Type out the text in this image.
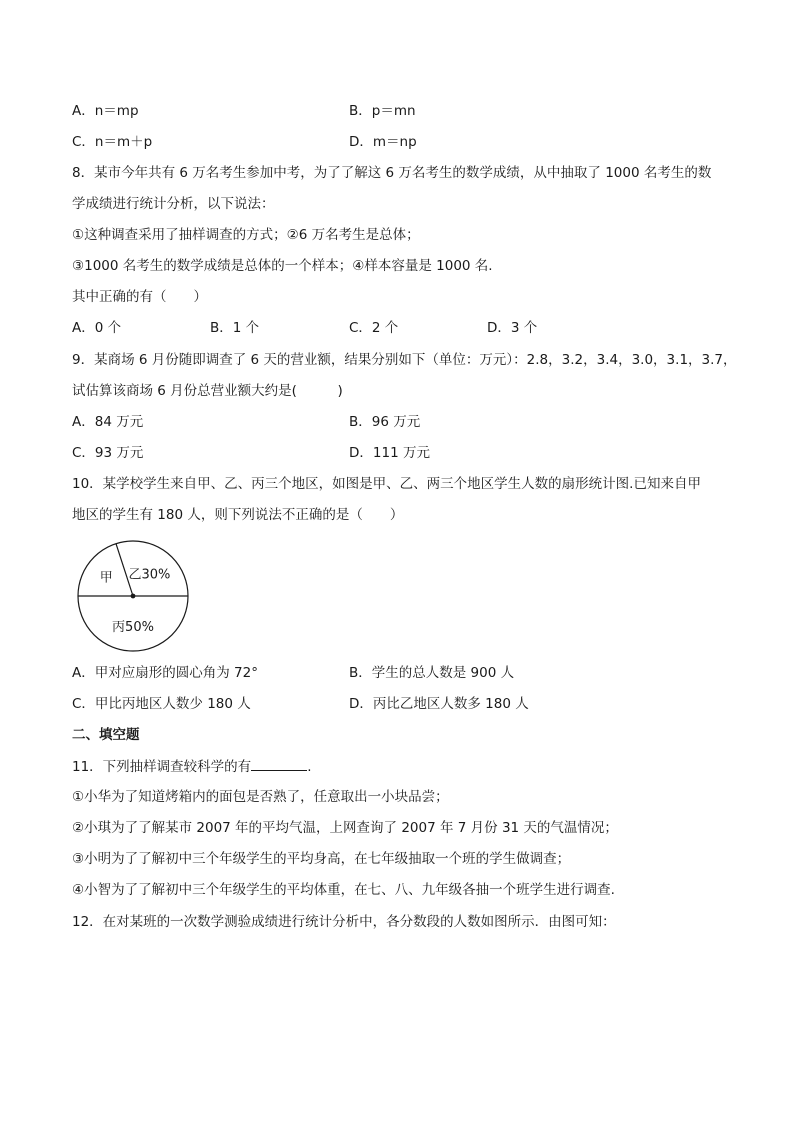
A．n＝mp	B．p＝mn
C．n＝m＋p	D．m＝np
8．某市今年共有 6 万名考生参加中考，为了了解这 6 万名考生的数学成绩，从中抽取了 1000 名考生的数
学成绩进行统计分析，以下说法：
①这种调查采用了抽样调查的方式；②6 万名考生是总体；
③1000 名考生的数学成绩是总体的一个样本；④样本容量是 1000 名.
其中正确的有（　　）
A．0 个	B．1 个	C．2 个	D．3 个
9．某商场 6 月份随即调查了 6 天的营业额，结果分别如下（单位：万元）：2.8，3.2，3.4，3.0，3.1，3.7，
试估算该商场 6 月份总营业额大约是(　　　)
A．84 万元	B．96 万元
C．93 万元	D．111 万元
10．某学校学生来自甲、乙、丙三个地区，如图是甲、乙、两三个地区学生人数的扇形统计图.已知来自甲
地区的学生有 180 人，则下列说法不正确的是（　　）
甲 乙30%
丙50%
A．甲对应扇形的圆心角为 72°	B．学生的总人数是 900 人
C．甲比丙地区人数少 180 人	D．丙比乙地区人数多 180 人
二、填空题
11．下列抽样调查较科学的有	.
①小华为了知道烤箱内的面包是否熟了，任意取出一小块品尝；
②小琪为了了解某市 2007 年的平均气温，上网查询了 2007 年 7 月份 31 天的气温情况；
③小明为了了解初中三个年级学生的平均身高，在七年级抽取一个班的学生做调查；
④小智为了了解初中三个年级学生的平均体重，在七、八、九年级各抽一个班学生进行调查.
12．在对某班的一次数学测验成绩进行统计分析中，各分数段的人数如图所示．由图可知：
